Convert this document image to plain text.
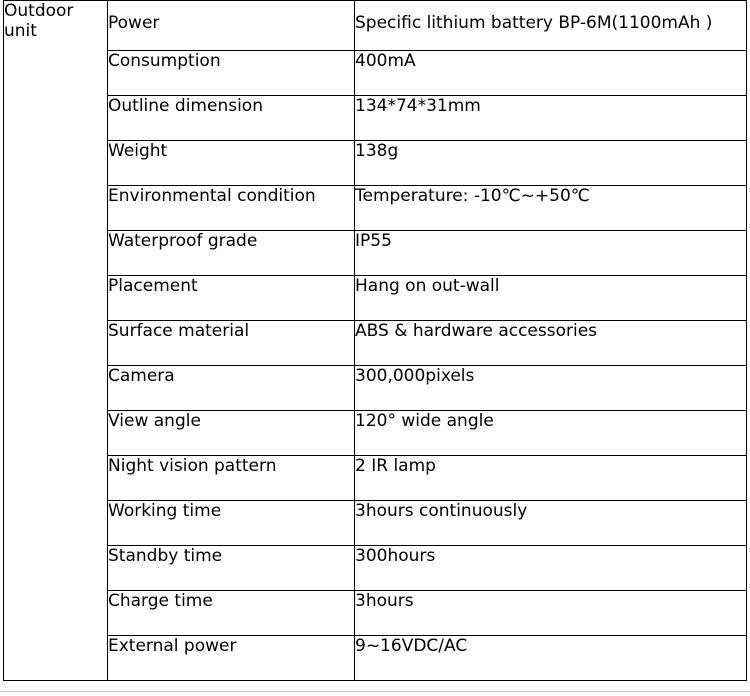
Outdoor unit	Power	Specific lithium battery BP-6M(1100mAh )
	Consumption	400mA
	Outline dimension	134*74*31mm
	Weight	138g
	Environmental condition	Temperature: -10℃~+50℃
	Waterproof grade	IP55
	Placement	Hang on out-wall
	Surface material	ABS & hardware accessories
	Camera	300,000pixels
	View angle	120° wide angle
	Night vision pattern	2 IR lamp
	Working time	3hours continuously
	Standby time	300hours
	Charge time	3hours
	External power	9~16VDC/AC
